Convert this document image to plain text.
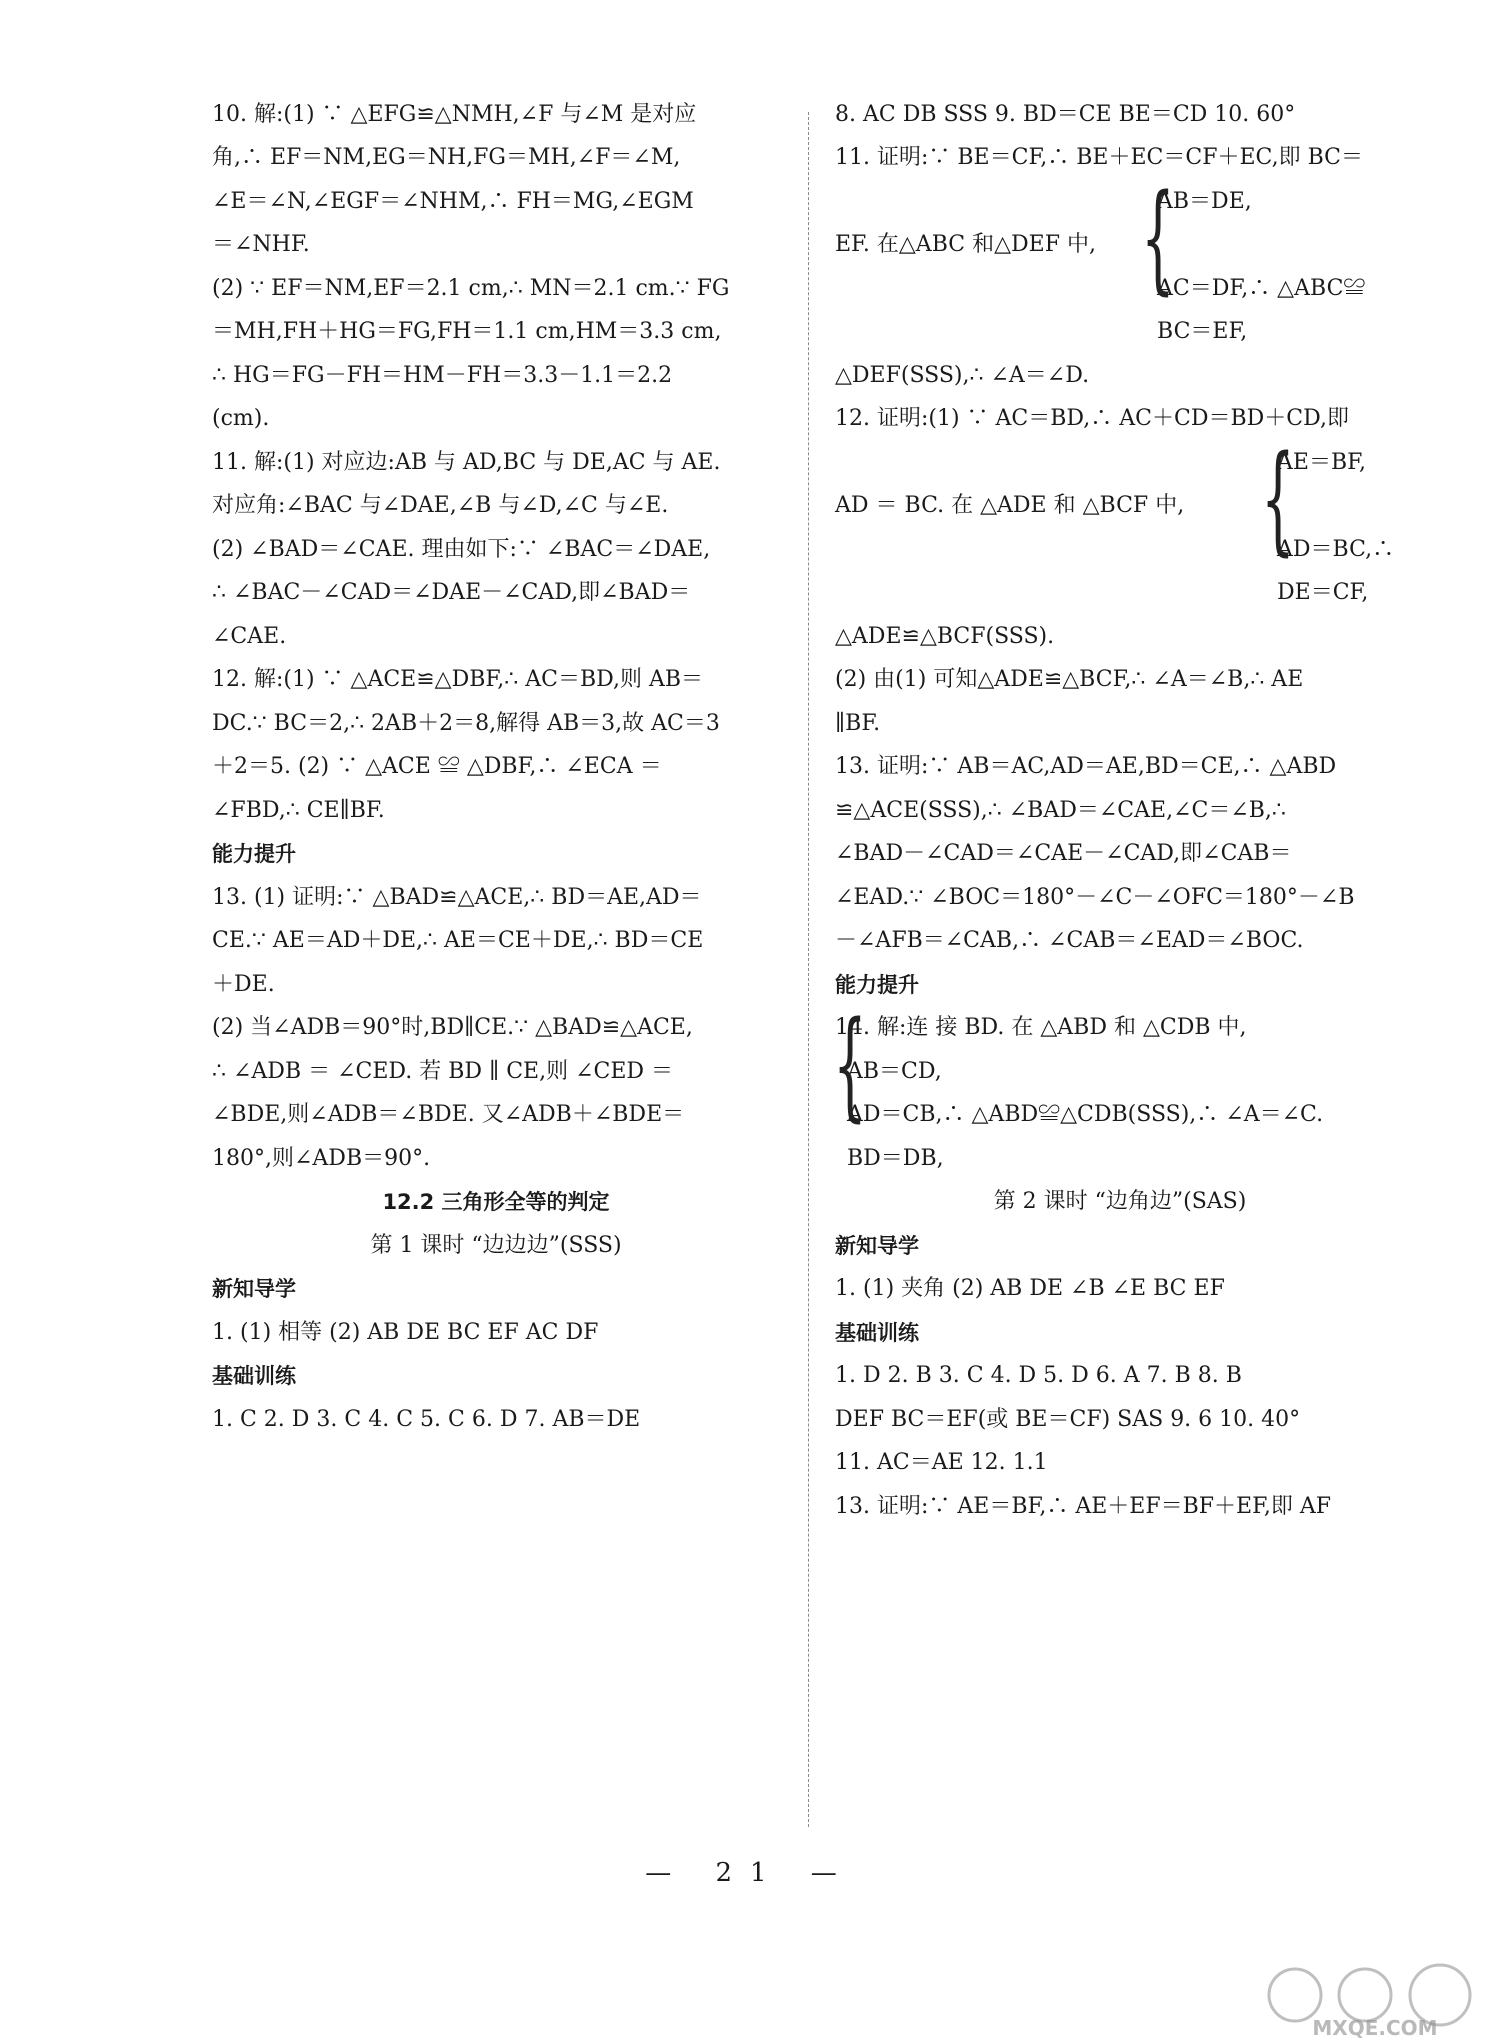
10. 解:(1) ∵ △EFG≌△NMH,∠F 与∠M 是对应
角,∴ EF＝NM,EG＝NH,FG＝MH,∠F＝∠M,
∠E＝∠N,∠EGF＝∠NHM,∴ FH＝MG,∠EGM
＝∠NHF.
(2) ∵ EF＝NM,EF＝2.1 cm,∴ MN＝2.1 cm.∵ FG
＝MH,FH＋HG＝FG,FH＝1.1 cm,HM＝3.3 cm,
∴ HG＝FG－FH＝HM－FH＝3.3－1.1＝2.2
(cm).
11. 解:(1) 对应边:AB 与 AD,BC 与 DE,AC 与 AE.
对应角:∠BAC 与∠DAE,∠B 与∠D,∠C 与∠E.
(2) ∠BAD＝∠CAE. 理由如下:∵ ∠BAC＝∠DAE,
∴ ∠BAC－∠CAD＝∠DAE－∠CAD,即∠BAD＝
∠CAE.
12. 解:(1) ∵ △ACE≌△DBF,∴ AC＝BD,则 AB＝
DC.∵ BC＝2,∴ 2AB＋2＝8,解得 AB＝3,故 AC＝3
＋2＝5. (2) ∵ △ACE ≌ △DBF,∴ ∠ECA ＝
∠FBD,∴ CE∥BF.
能力提升
13. (1) 证明:∵ △BAD≌△ACE,∴ BD＝AE,AD＝
CE.∵ AE＝AD＋DE,∴ AE＝CE＋DE,∴ BD＝CE
＋DE.
(2) 当∠ADB＝90°时,BD∥CE.∵ △BAD≌△ACE,
∴ ∠ADB ＝ ∠CED. 若 BD ∥ CE,则 ∠CED ＝
∠BDE,则∠ADB＝∠BDE. 又∠ADB＋∠BDE＝
180°,则∠ADB＝90°.
12.2 三角形全等的判定
第 1 课时 “边边边”(SSS)
新知导学
1. (1) 相等 (2) AB DE BC EF AC DF
基础训练
1. C 2. D 3. C 4. C 5. C 6. D 7. AB＝DE
8. AC DB SSS 9. BD＝CE BE＝CD 10. 60°
11. 证明:∵ BE＝CF,∴ BE＋EC＝CF＋EC,即 BC＝
AB＝DE,
EF. 在△ABC 和△DEF 中,
AC＝DF,∴ △ABC≌
BC＝EF,
△DEF(SSS),∴ ∠A＝∠D.
12. 证明:(1) ∵ AC＝BD,∴ AC＋CD＝BD＋CD,即
AE＝BF,
AD ＝ BC. 在 △ADE 和 △BCF 中,
AD＝BC,∴
DE＝CF,
△ADE≌△BCF(SSS).
(2) 由(1) 可知△ADE≌△BCF,∴ ∠A＝∠B,∴ AE
∥BF.
13. 证明:∵ AB＝AC,AD＝AE,BD＝CE,∴ △ABD
≌△ACE(SSS),∴ ∠BAD＝∠CAE,∠C＝∠B,∴
∠BAD－∠CAD＝∠CAE－∠CAD,即∠CAB＝
∠EAD.∵ ∠BOC＝180°－∠C－∠OFC＝180°－∠B
－∠AFB＝∠CAB,∴ ∠CAB＝∠EAD＝∠BOC.
能力提升
14. 解:连 接 BD. 在 △ABD 和 △CDB 中,
AB＝CD,
AD＝CB,∴ △ABD≌△CDB(SSS),∴ ∠A＝∠C.
BD＝DB,
第 2 课时 “边角边”(SAS)
新知导学
1. (1) 夹角 (2) AB DE ∠B ∠E BC EF
基础训练
1. D 2. B 3. C 4. D 5. D 6. A 7. B 8. B
DEF BC＝EF(或 BE＝CF) SAS 9. 6 10. 40°
11. AC＝AE 12. 1.1
13. 证明:∵ AE＝BF,∴ AE＋EF＝BF＋EF,即 AF
{
{
{
— 21 —
MXQE.COM
